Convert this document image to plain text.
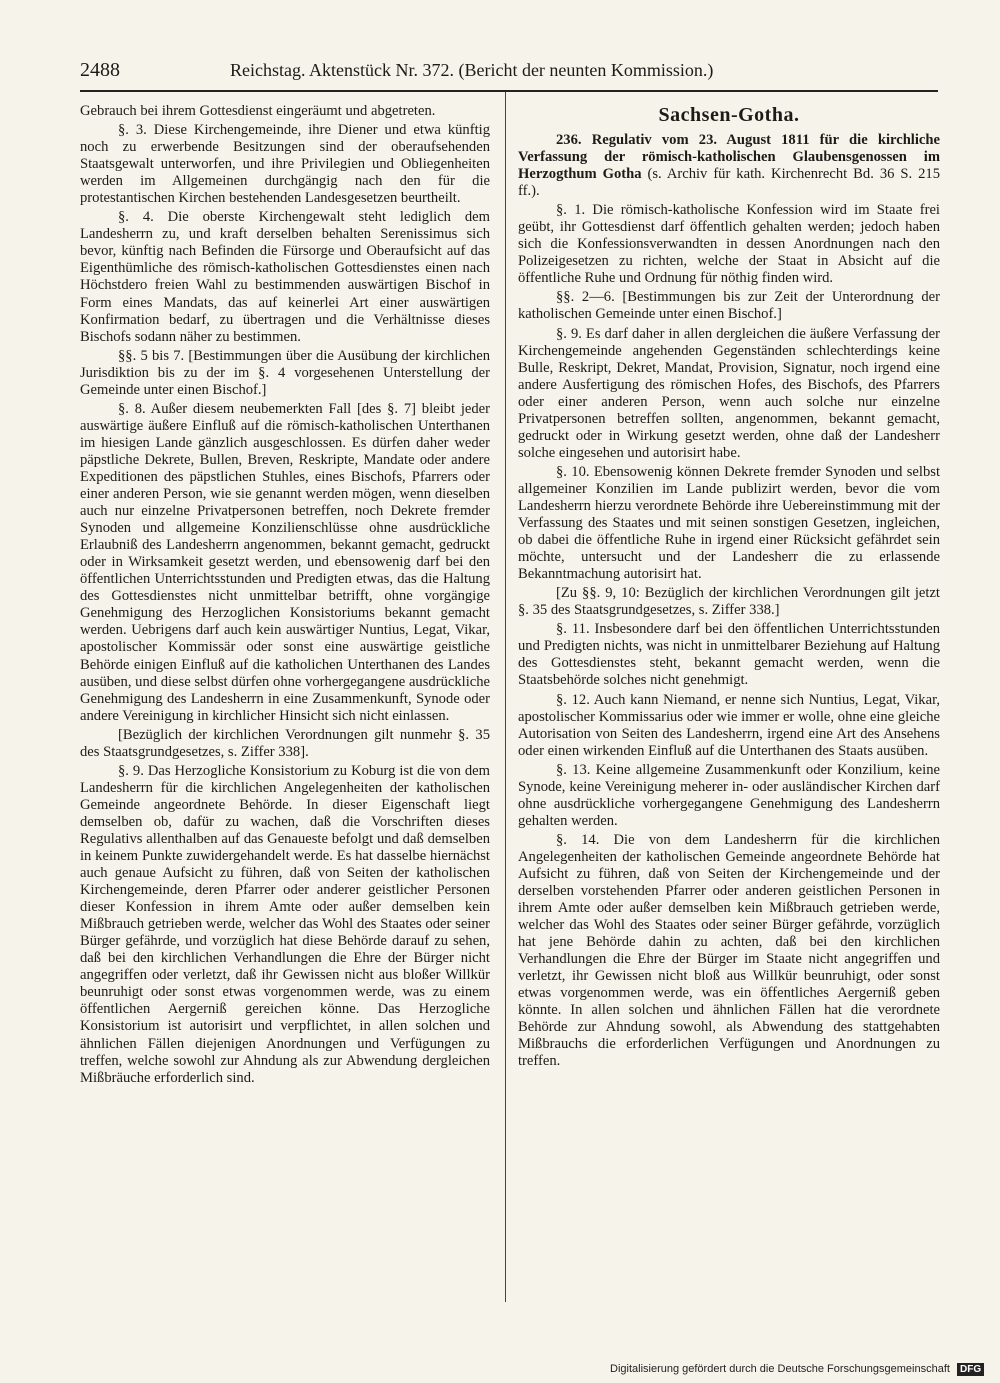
2488	Reichstag. Aktenstück Nr. 372. (Bericht der neunten Kommission.)

Gebrauch bei ihrem Gottesdienst eingeräumt und abgetreten.

§. 3. Diese Kirchengemeinde, ihre Diener und etwa künftig noch zu erwerbende Besitzungen sind der oberaufsehenden Staatsgewalt unterworfen, und ihre Privilegien und Obliegenheiten werden im Allgemeinen durchgängig nach den für die protestantischen Kirchen bestehenden Landesgesetzen beurtheilt.

§. 4. Die oberste Kirchengewalt steht lediglich dem Landesherrn zu, und kraft derselben behalten Serenissimus sich bevor, künftig nach Befinden die Fürsorge und Oberaufsicht auf das Eigenthümliche des römisch-katholischen Gottesdienstes einen nach Höchstdero freien Wahl zu bestimmenden auswärtigen Bischof in Form eines Mandats, das auf keinerlei Art einer auswärtigen Konfirmation bedarf, zu übertragen und die Verhältnisse dieses Bischofs sodann näher zu bestimmen.

§§. 5 bis 7. [Bestimmungen über die Ausübung der kirchlichen Jurisdiktion bis zu der im §. 4 vorgesehenen Unterstellung der Gemeinde unter einen Bischof.]

§. 8. Außer diesem neubemerkten Fall [des §. 7] bleibt jeder auswärtige äußere Einfluß auf die römisch-katholischen Unterthanen im hiesigen Lande gänzlich ausgeschlossen. Es dürfen daher weder päpstliche Dekrete, Bullen, Breven, Reskripte, Mandate oder andere Expeditionen des päpstlichen Stuhles, eines Bischofs, Pfarrers oder einer anderen Person, wie sie genannt werden mögen, wenn dieselben auch nur einzelne Privatpersonen betreffen, noch Dekrete fremder Synoden und allgemeine Konzilienschlüsse ohne ausdrückliche Erlaubniß des Landesherrn angenommen, bekannt gemacht, gedruckt oder in Wirksamkeit gesetzt werden, und ebensowenig darf bei den öffentlichen Unterrichtsstunden und Predigten etwas, das die Haltung des Gottesdienstes nicht unmittelbar betrifft, ohne vorgängige Genehmigung des Herzoglichen Konsistoriums bekannt gemacht werden. Uebrigens darf auch kein auswärtiger Nuntius, Legat, Vikar, apostolischer Kommissär oder sonst eine auswärtige geistliche Behörde einigen Einfluß auf die katholichen Unterthanen des Landes ausüben, und diese selbst dürfen ohne vorhergegangene ausdrückliche Genehmigung des Landesherrn in eine Zusammenkunft, Synode oder andere Vereinigung in kirchlicher Hinsicht sich nicht einlassen.

[Bezüglich der kirchlichen Verordnungen gilt nunmehr §. 35 des Staatsgrundgesetzes, s. Ziffer 338].

§. 9. Das Herzogliche Konsistorium zu Koburg ist die von dem Landesherrn für die kirchlichen Angelegenheiten der katholischen Gemeinde angeordnete Behörde. In dieser Eigenschaft liegt demselben ob, dafür zu wachen, daß die Vorschriften dieses Regulativs allenthalben auf das Genaueste befolgt und daß demselben in keinem Punkte zuwidergehandelt werde. Es hat dasselbe hiernächst auch genaue Aufsicht zu führen, daß von Seiten der katholischen Kirchengemeinde, deren Pfarrer oder anderer geistlicher Personen dieser Konfession in ihrem Amte oder außer demselben kein Mißbrauch getrieben werde, welcher das Wohl des Staates oder seiner Bürger gefährde, und vorzüglich hat diese Behörde darauf zu sehen, daß bei den kirchlichen Verhandlungen die Ehre der Bürger nicht angegriffen oder verletzt, daß ihr Gewissen nicht aus bloßer Willkür beunruhigt oder sonst etwas vorgenommen werde, was zu einem öffentlichen Aergerniß gereichen könne. Das Herzogliche Konsistorium ist autorisirt und verpflichtet, in allen solchen und ähnlichen Fällen diejenigen Anordnungen und Verfügungen zu treffen, welche sowohl zur Ahndung als zur Abwendung dergleichen Mißbräuche erforderlich sind.

Sachsen-Gotha.

236. Regulativ vom 23. August 1811 für die kirchliche Verfassung der römisch-katholischen Glaubensgenossen im Herzogthum Gotha (s. Archiv für kath. Kirchenrecht Bd. 36 S. 215 ff.).

§. 1. Die römisch-katholische Konfession wird im Staate frei geübt, ihr Gottesdienst darf öffentlich gehalten werden; jedoch haben sich die Konfessionsverwandten in dessen Anordnungen nach den Polizeigesetzen zu richten, welche der Staat in Absicht auf die öffentliche Ruhe und Ordnung für nöthig finden wird.

§§. 2—6. [Bestimmungen bis zur Zeit der Unterordnung der katholischen Gemeinde unter einen Bischof.]

§. 9. Es darf daher in allen dergleichen die äußere Verfassung der Kirchengemeinde angehenden Gegenständen schlechterdings keine Bulle, Reskript, Dekret, Mandat, Provision, Signatur, noch irgend eine andere Ausfertigung des römischen Hofes, des Bischofs, des Pfarrers oder einer anderen Person, wenn auch solche nur einzelne Privatpersonen betreffen sollten, angenommen, bekannt gemacht, gedruckt oder in Wirkung gesetzt werden, ohne daß der Landesherr solche eingesehen und autorisirt habe.

§. 10. Ebensowenig können Dekrete fremder Synoden und selbst allgemeiner Konzilien im Lande publizirt werden, bevor die vom Landesherrn hierzu verordnete Behörde ihre Uebereinstimmung mit der Verfassung des Staates und mit seinen sonstigen Gesetzen, ingleichen, ob dabei die öffentliche Ruhe in irgend einer Rücksicht gefährdet sein möchte, untersucht und der Landesherr die zu erlassende Bekanntmachung autorisirt hat.

[Zu §§. 9, 10: Bezüglich der kirchlichen Verordnungen gilt jetzt §. 35 des Staatsgrundgesetzes, s. Ziffer 338.]

§. 11. Insbesondere darf bei den öffentlichen Unterrichtsstunden und Predigten nichts, was nicht in unmittelbarer Beziehung auf Haltung des Gottesdienstes steht, bekannt gemacht werden, wenn die Staatsbehörde solches nicht genehmigt.

§. 12. Auch kann Niemand, er nenne sich Nuntius, Legat, Vikar, apostolischer Kommissarius oder wie immer er wolle, ohne eine gleiche Autorisation von Seiten des Landesherrn, irgend eine Art des Ansehens oder einen wirkenden Einfluß auf die Unterthanen des Staats ausüben.

§. 13. Keine allgemeine Zusammenkunft oder Konzilium, keine Synode, keine Vereinigung meherer in- oder ausländischer Kirchen darf ohne ausdrückliche vorhergegangene Genehmigung des Landesherrn gehalten werden.

§. 14. Die von dem Landesherrn für die kirchlichen Angelegenheiten der katholischen Gemeinde angeordnete Behörde hat Aufsicht zu führen, daß von Seiten der Kirchengemeinde und der derselben vorstehenden Pfarrer oder anderen geistlichen Personen in ihrem Amte oder außer demselben kein Mißbrauch getrieben werde, welcher das Wohl des Staates oder seiner Bürger gefährde, vorzüglich hat jene Behörde dahin zu achten, daß bei den kirchlichen Verhandlungen die Ehre der Bürger im Staate nicht angegriffen und verletzt, ihr Gewissen nicht bloß aus Willkür beunruhigt, oder sonst etwas vorgenommen werde, was ein öffentliches Aergerniß geben könnte. In allen solchen und ähnlichen Fällen hat die verordnete Behörde zur Ahndung sowohl, als Abwendung des stattgehabten Mißbrauchs die erforderlichen Verfügungen und Anordnungen zu treffen.

Digitalisierung gefördert durch die Deutsche Forschungsgemeinschaft DFG
